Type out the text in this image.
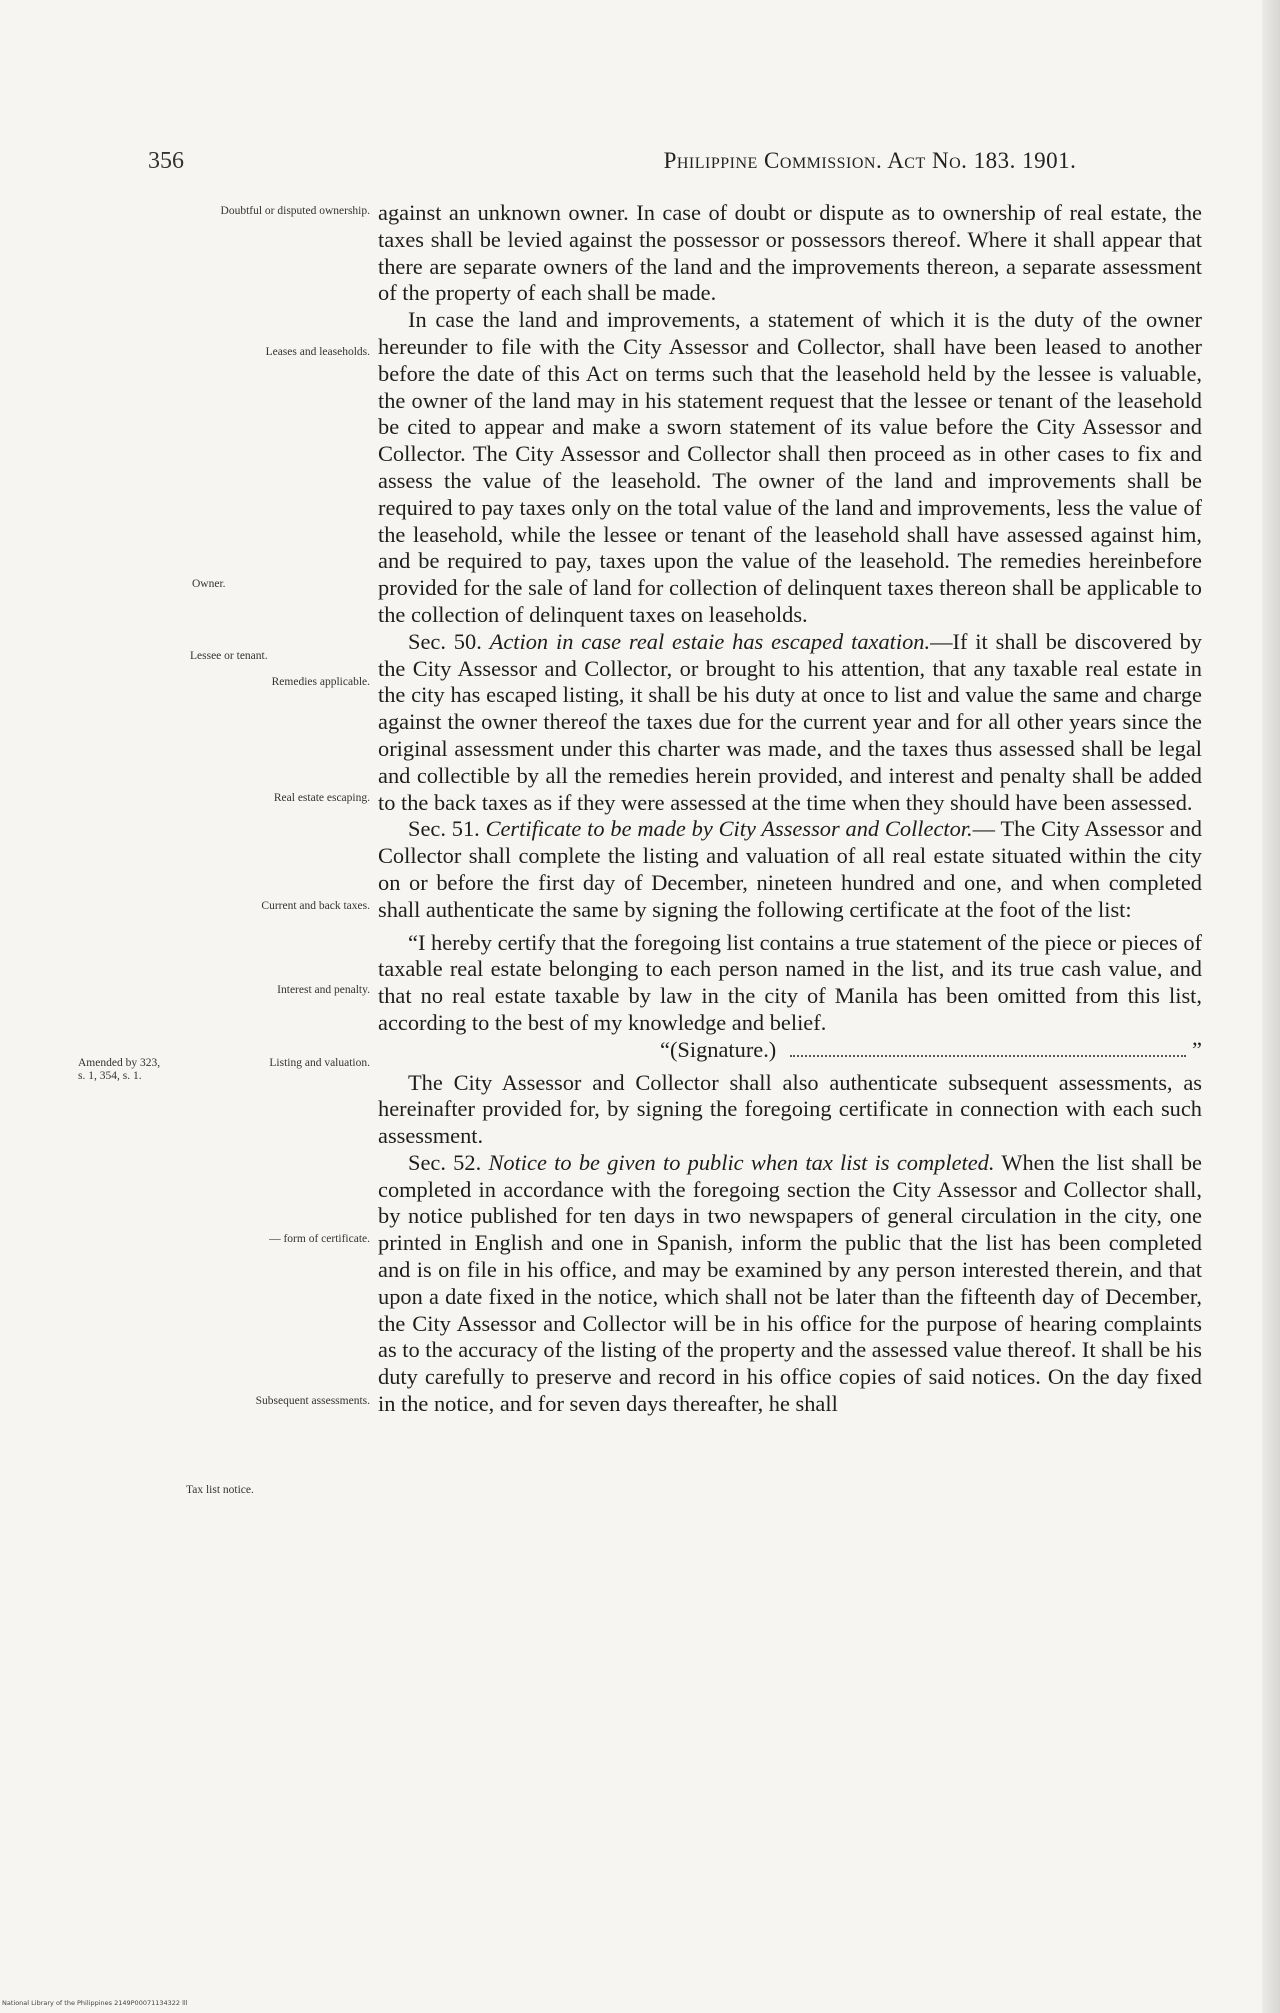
356	Philippine Commission. Act No. 183. 1901.
Doubtful or disputed ownership.
Leases and leaseholds.
Owner.
Lessee or tenant.
Remedies applicable.
Real estate escaping.
Current and back taxes.
Interest and penalty.
Amended by 323, s. 1, 354, s. 1.
Listing and valuation.
— form of certificate.
Subsequent assessments.
Tax list notice.

against an unknown owner. In case of doubt or dispute as to ownership of real estate, the taxes shall be levied against the possessor or possessors thereof. Where it shall appear that there are separate owners of the land and the improvements thereon, a separate assessment of the property of each shall be made.

In case the land and improvements, a statement of which it is the duty of the owner hereunder to file with the City Assessor and Collector, shall have been leased to another before the date of this Act on terms such that the leasehold held by the lessee is valuable, the owner of the land may in his statement request that the lessee or tenant of the leasehold be cited to appear and make a sworn statement of its value before the City Assessor and Collector. The City Assessor and Collector shall then proceed as in other cases to fix and assess the value of the leasehold. The owner of the land and improvements shall be required to pay taxes only on the total value of the land and improvements, less the value of the leasehold, while the lessee or tenant of the leasehold shall have assessed against him, and be required to pay, taxes upon the value of the leasehold. The remedies hereinbefore provided for the sale of land for collection of delinquent taxes thereon shall be applicable to the collection of delinquent taxes on leaseholds.

Sec. 50. Action in case real estaie has escaped taxation.—If it shall be discovered by the City Assessor and Collector, or brought to his attention, that any taxable real estate in the city has escaped listing, it shall be his duty at once to list and value the same and charge against the owner thereof the taxes due for the current year and for all other years since the original assessment under this charter was made, and the taxes thus assessed shall be legal and collectible by all the remedies herein provided, and interest and penalty shall be added to the back taxes as if they were assessed at the time when they should have been assessed.

Sec. 51. Certificate to be made by City Assessor and Collector.— The City Assessor and Collector shall complete the listing and valuation of all real estate situated within the city on or before the first day of December, nineteen hundred and one, and when completed shall authenticate the same by signing the following certificate at the foot of the list:

“I hereby certify that the foregoing list contains a true statement of the piece or pieces of taxable real estate belonging to each person named in the list, and its true cash value, and that no real estate taxable by law in the city of Manila has been omitted from this list, according to the best of my knowledge and belief.

“(Signature.)	”

The City Assessor and Collector shall also authenticate subsequent assessments, as hereinafter provided for, by signing the foregoing certificate in connection with each such assessment.

Sec. 52. Notice to be given to public when tax list is completed. When the list shall be completed in accordance with the foregoing section the City Assessor and Collector shall, by notice published for ten days in two newspapers of general circulation in the city, one printed in English and one in Spanish, inform the public that the list has been completed and is on file in his office, and may be examined by any person interested therein, and that upon a date fixed in the notice, which shall not be later than the fifteenth day of December, the City Assessor and Collector will be in his office for the purpose of hearing complaints as to the accuracy of the listing of the property and the assessed value thereof. It shall be his duty carefully to preserve and record in his office copies of said notices. On the day fixed in the notice, and for seven days thereafter, he shall

National Library of the Philippines 2149P00071134322 lll
